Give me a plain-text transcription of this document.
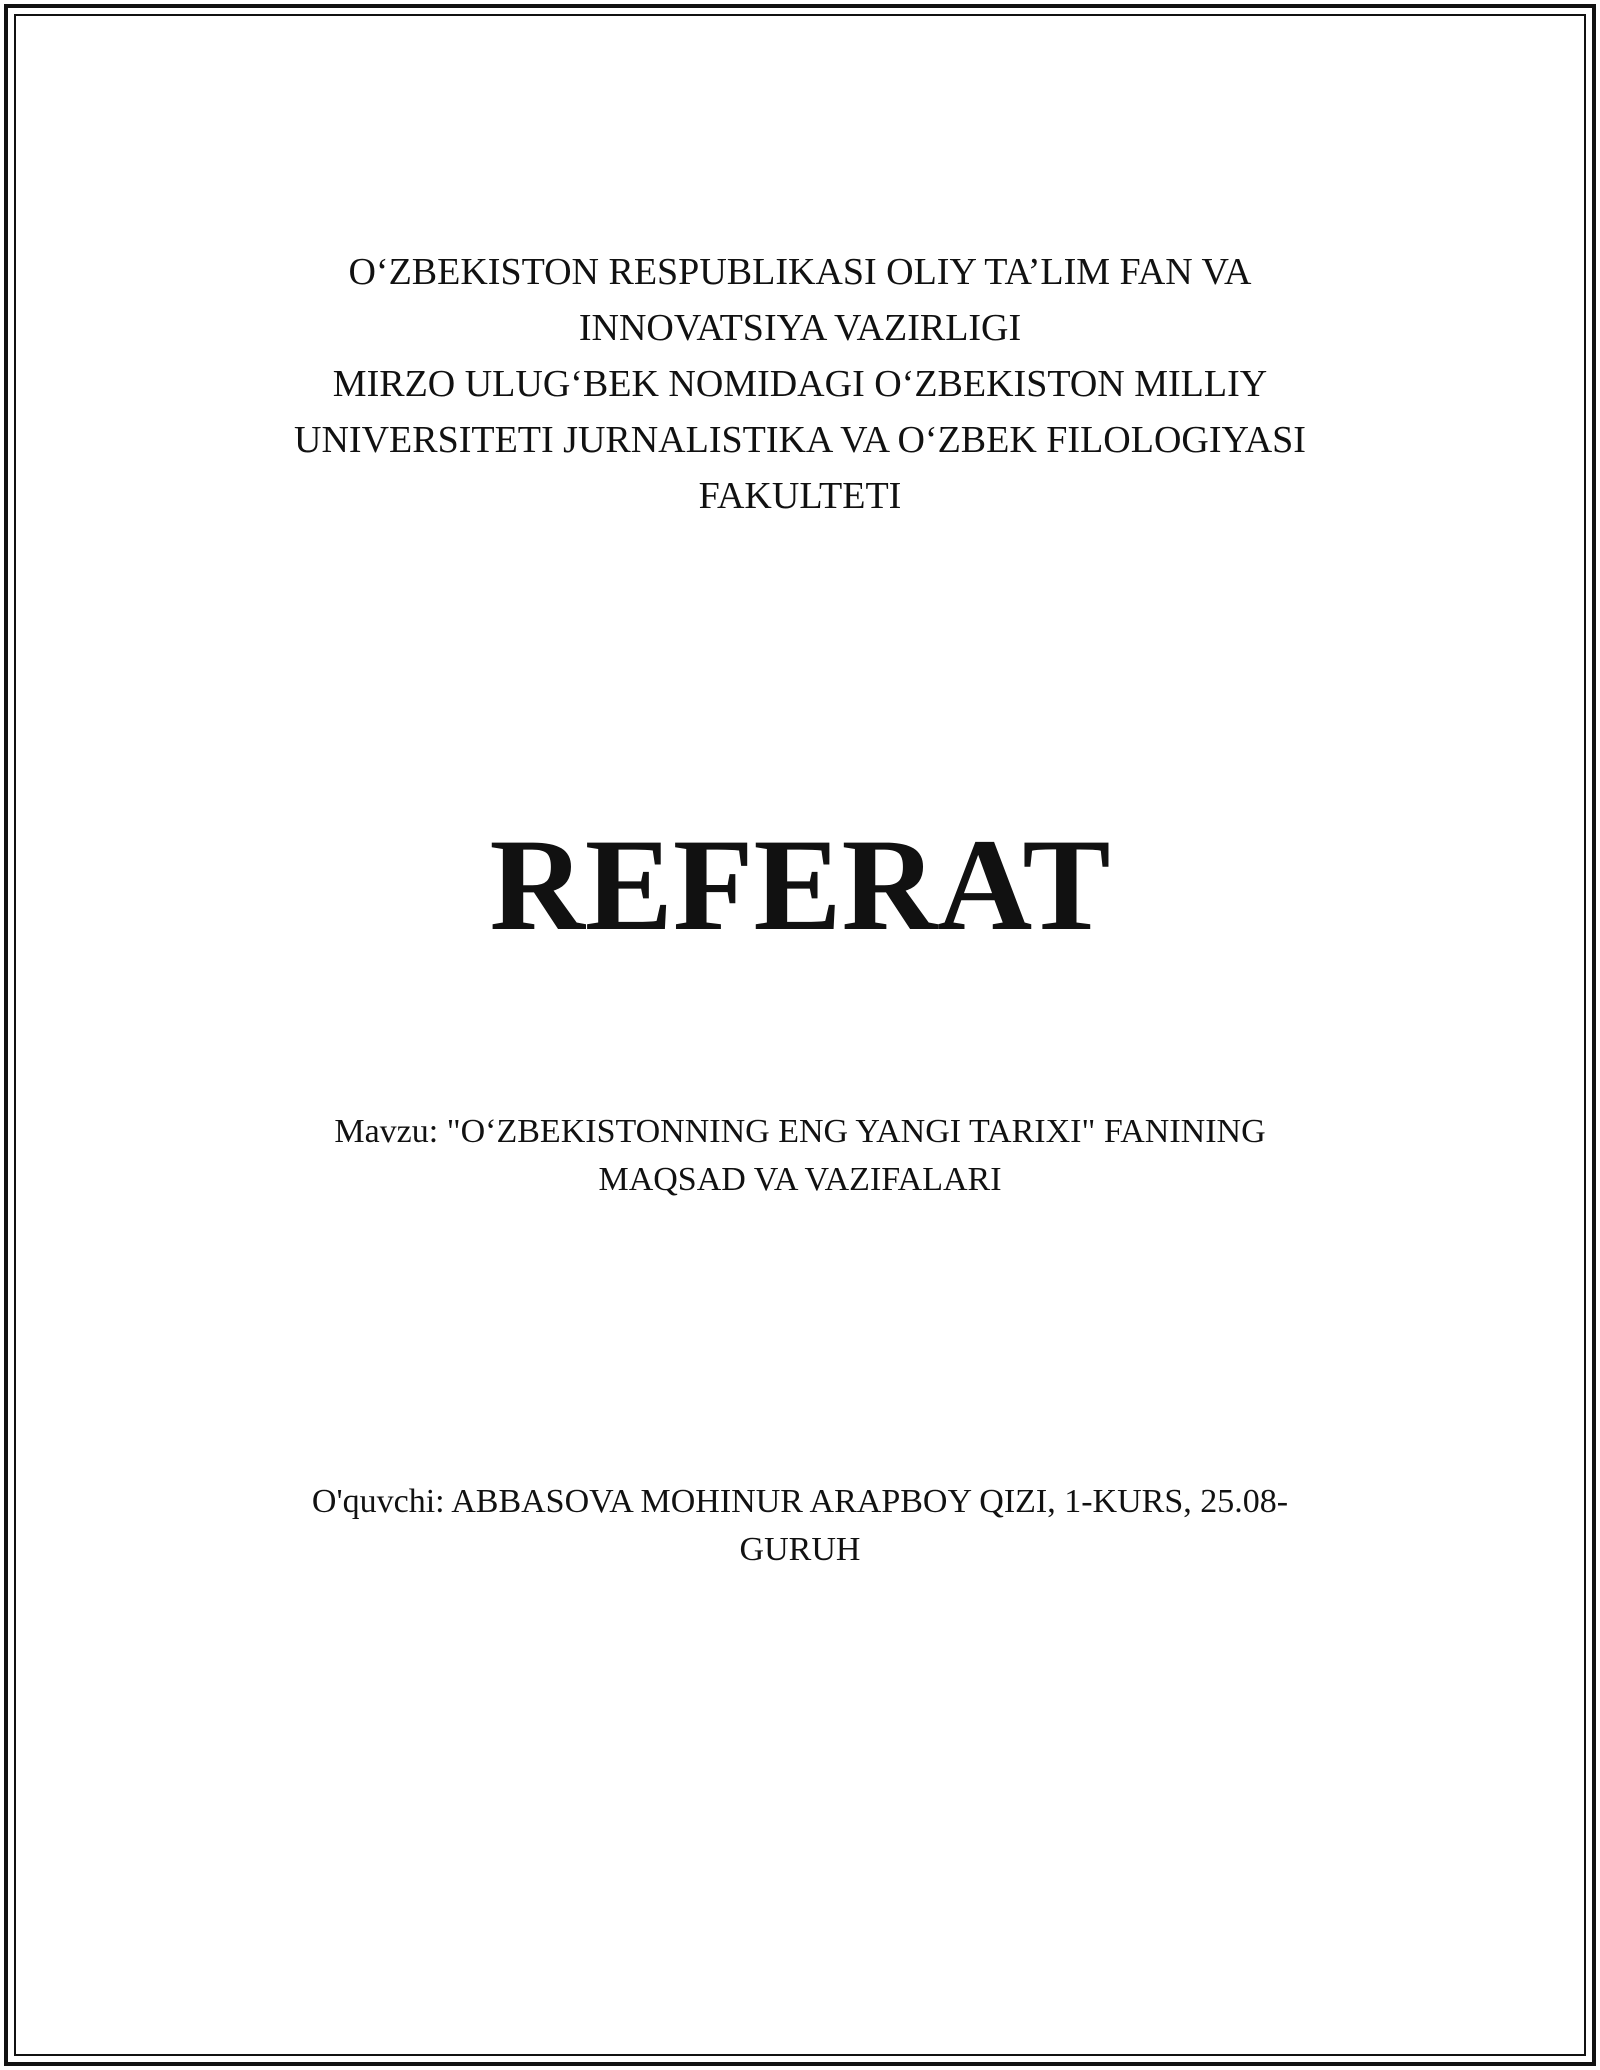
O‘ZBEKISTON RESPUBLIKASI OLIY TA’LIM FAN VA

INNOVATSIYA VAZIRLIGI

MIRZO ULUG‘BEK NOMIDAGI O‘ZBEKISTON MILLIY

UNIVERSITETI JURNALISTIKA VA O‘ZBEK FILOLOGIYASI

FAKULTETI

REFERAT

Mavzu: "O‘ZBEKISTONNING ENG YANGI TARIXI" FANINING

MAQSAD VA VAZIFALARI

O'quvchi: ABBASOVA MOHINUR ARAPBOY QIZI, 1-KURS, 25.08-

GURUH
